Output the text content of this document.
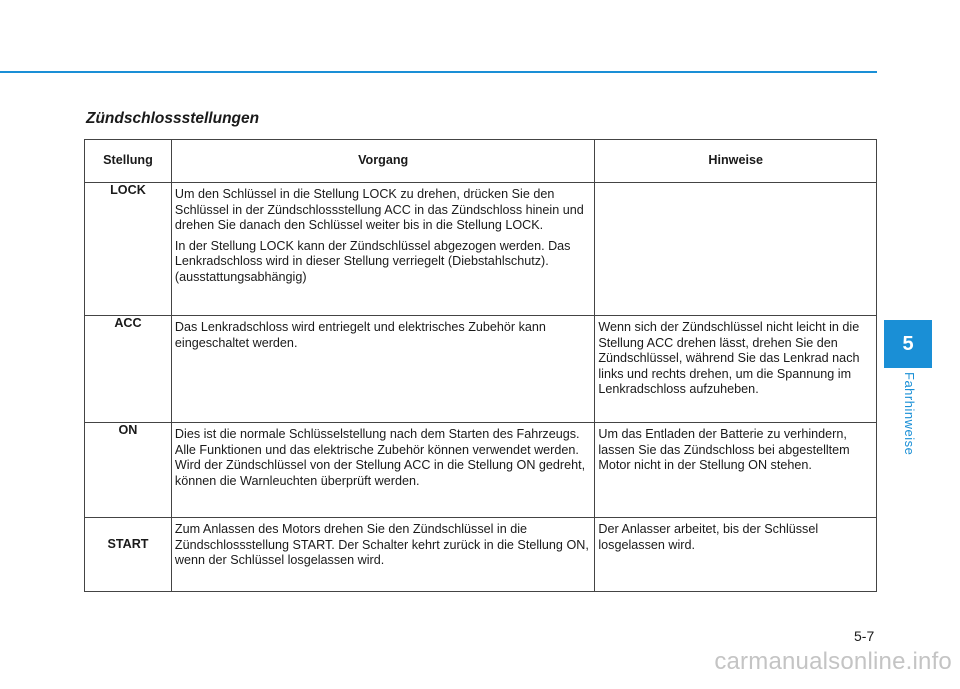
Zündschlossstellungen
Stellung	Vorgang	Hinweise
LOCK	Um den Schlüssel in die Stellung LOCK zu drehen, drücken Sie den Schlüssel in der Zündschlossstellung ACC in das Zündschloss hinein und drehen Sie danach den Schlüssel weiter bis in die Stellung LOCK.

In der Stellung LOCK kann der Zündschlüssel abgezogen werden. Das Lenkradschloss wird in dieser Stellung verriegelt (Diebstahlschutz). (ausstattungsabhängig)	

ACC	Das Lenkradschloss wird entriegelt und elektrisches Zubehör kann eingeschaltet werden.	Wenn sich der Zündschlüssel nicht leicht in die Stellung ACC drehen lässt, drehen Sie den Zündschlüssel, während Sie das Lenkrad nach links und rechts drehen, um die Spannung im Lenkradschloss aufzuheben.

ON	Dies ist die normale Schlüsselstellung nach dem Starten des Fahrzeugs. Alle Funktionen und das elektrische Zubehör können verwendet werden. Wird der Zündschlüssel von der Stellung ACC in die Stellung ON gedreht, können die Warnleuchten überprüft werden.	Um das Entladen der Batterie zu verhindern, lassen Sie das Zündschloss bei abgestelltem Motor nicht in der Stellung ON stehen.

START	Zum Anlassen des Motors drehen Sie den Zündschlüssel in die Zündschlossstellung START. Der Schalter kehrt zurück in die Stellung ON, wenn der Schlüssel losgelassen wird.	Der Anlasser arbeitet, bis der Schlüssel losgelassen wird.

5
Fahrhinweise
5-7
carmanualsonline.info
